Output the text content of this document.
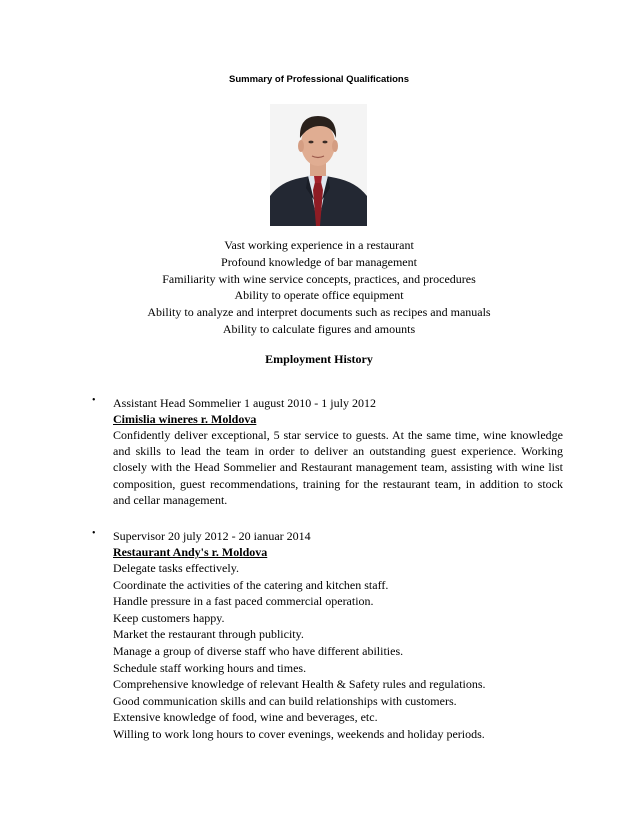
Summary of Professional Qualifications
Vast working experience in a restaurant
Profound knowledge of bar management
Familiarity with wine service concepts, practices, and procedures
Ability to operate office equipment
Ability to analyze and interpret documents such as recipes and manuals
Ability to calculate figures and amounts
Employment History
• Assistant Head Sommelier 1 august 2010 - 1 july 2012
Cimislia wineres r. Moldova
Confidently deliver exceptional, 5 star service to guests. At the same time, wine knowledge and skills to lead the team in order to deliver an outstanding guest experience. Working closely with the Head Sommelier and Restaurant management team, assisting with wine list composition, guest recommendations, training for the restaurant team, in addition to stock and cellar management.
• Supervisor 20 july 2012 - 20 ianuar 2014
Restaurant Andy's r. Moldova
Delegate tasks effectively.
Coordinate the activities of the catering and kitchen staff.
Handle pressure in a fast paced commercial operation.
Keep customers happy.
Market the restaurant through publicity.
Manage a group of diverse staff who have different abilities.
Schedule staff working hours and times.
Comprehensive knowledge of relevant Health & Safety rules and regulations.
Good communication skills and can build relationships with customers.
Extensive knowledge of food, wine and beverages, etc.
Willing to work long hours to cover evenings, weekends and holiday periods.
